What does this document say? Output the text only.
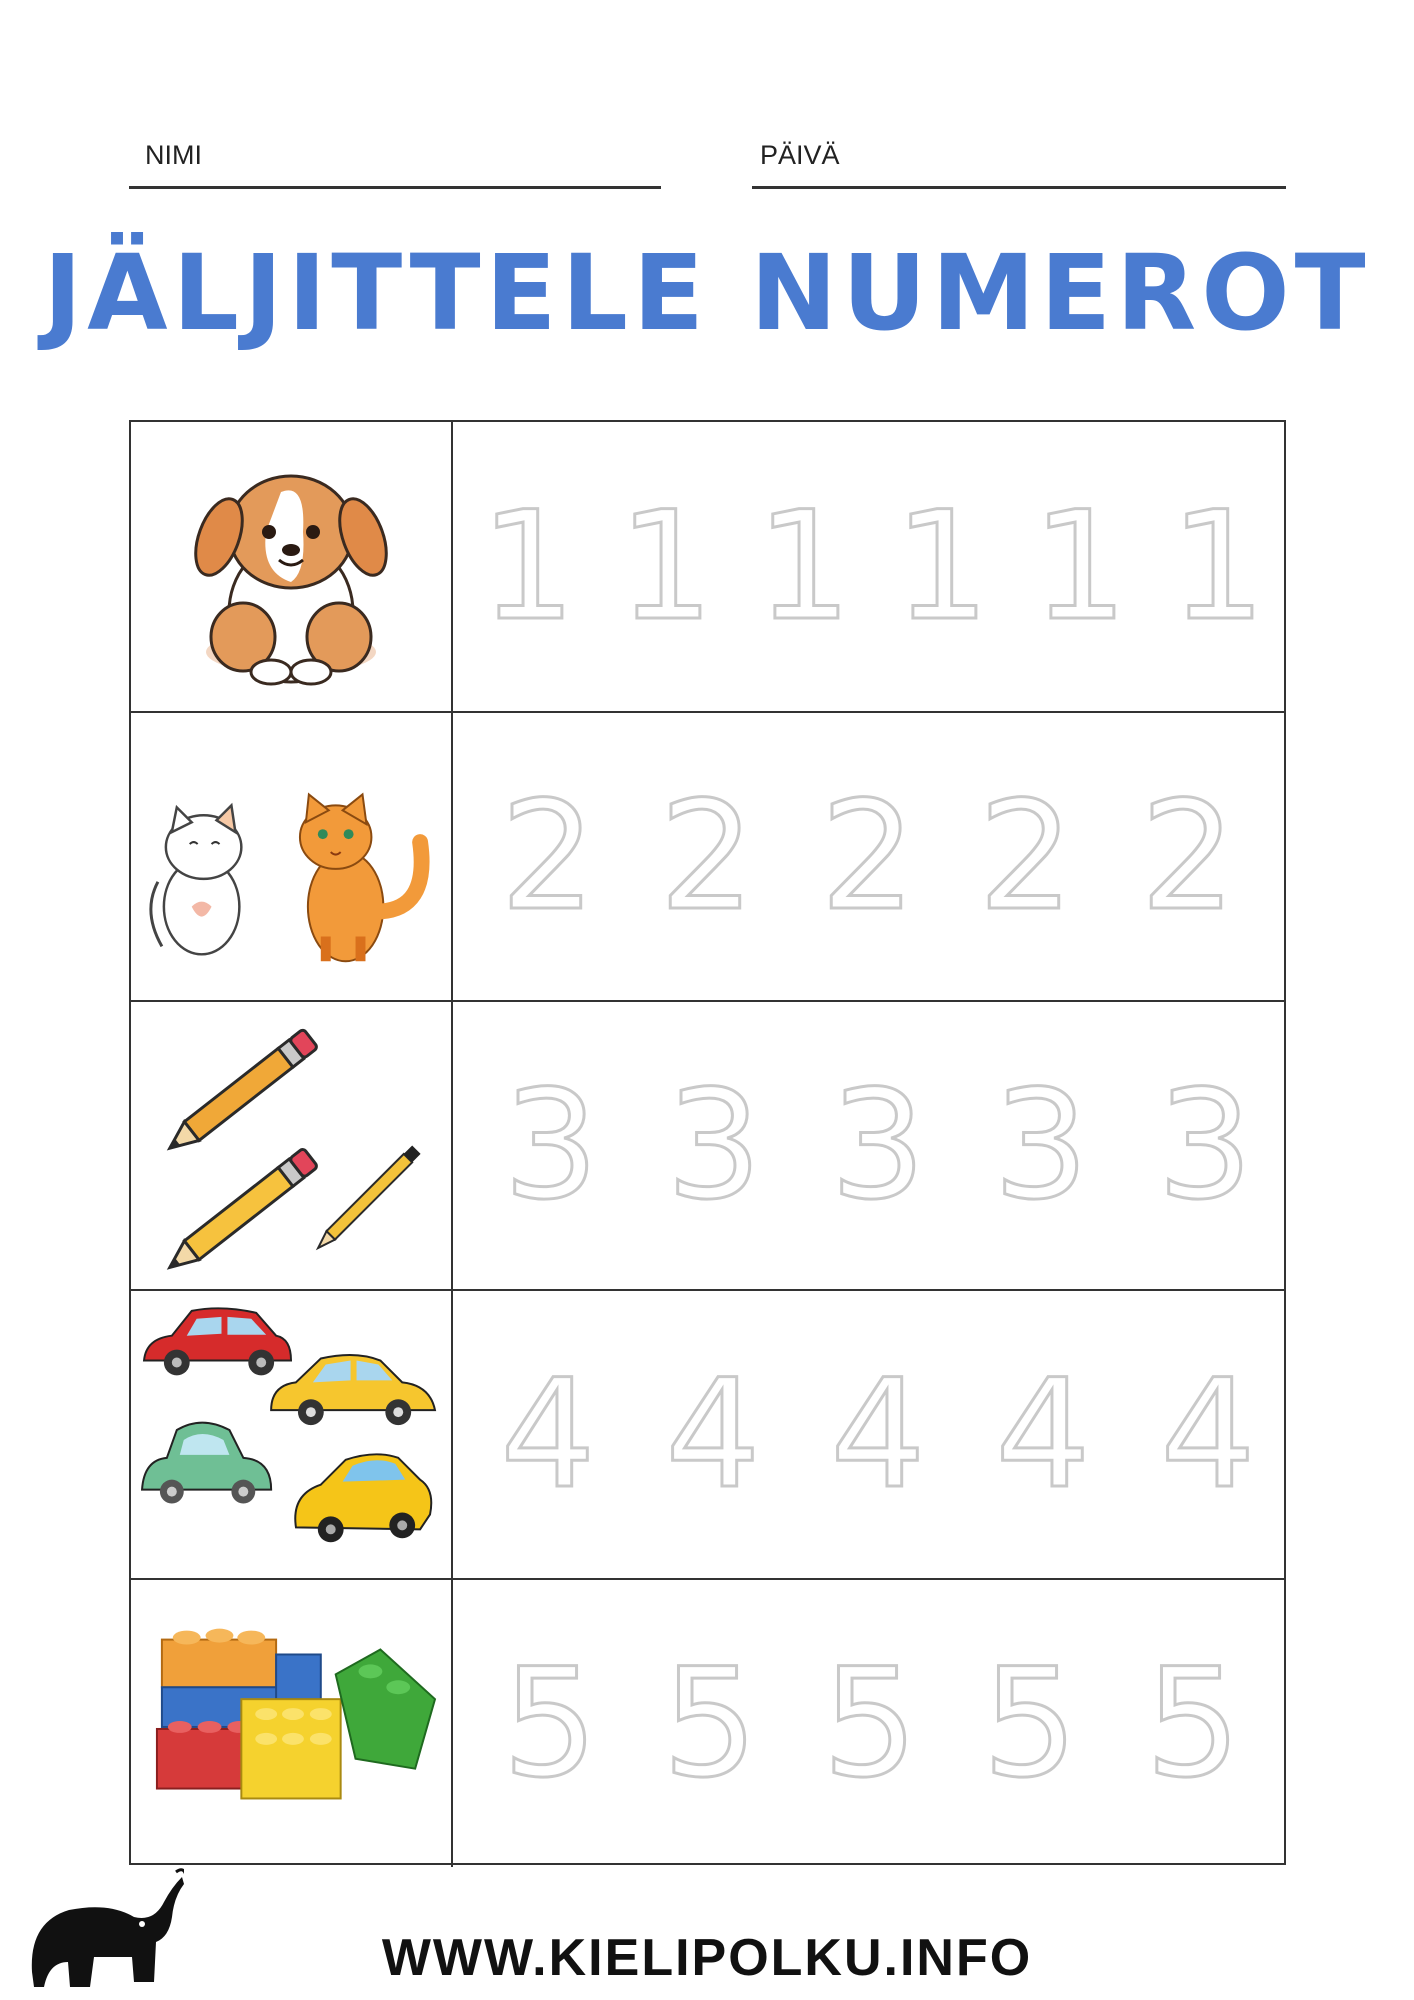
NIMI	PÄIVÄ
JÄLJITTELE NUMEROT
1 1 1 1 1 1
2 2 2 2 2
3 3 3 3 3
4 4 4 4 4
5 5 5 5 5
WWW.KIELIPOLKU.INFO
